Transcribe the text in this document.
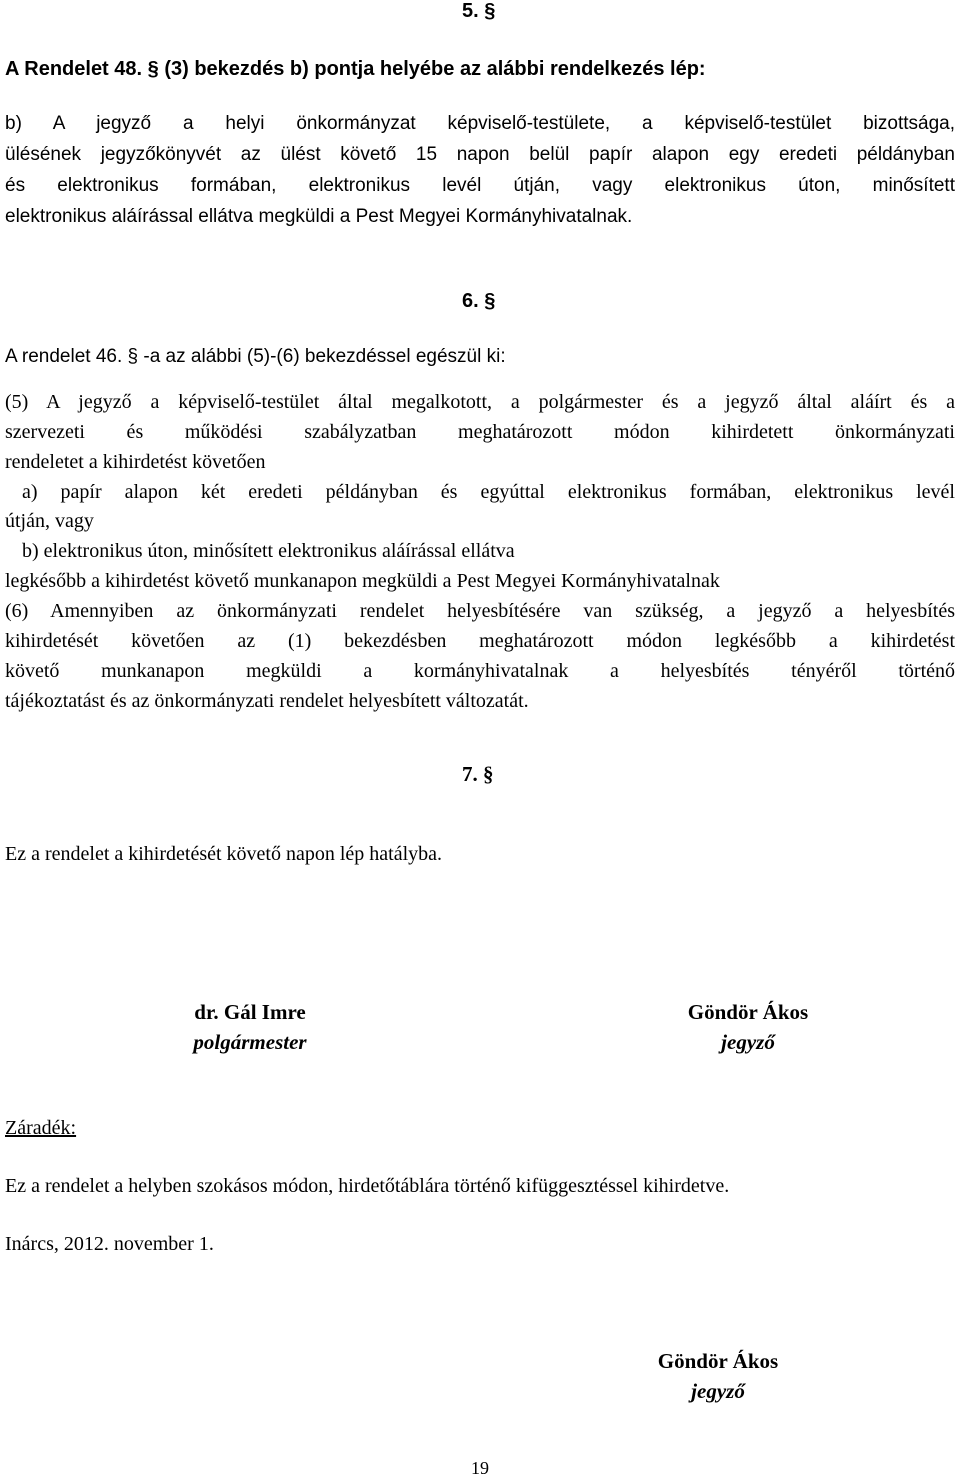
5. §
A Rendelet 48. § (3) bekezdés b) pontja helyébe az alábbi rendelkezés lép:
b) A jegyző a helyi önkormányzat képviselő-testülete, a képviselő-testület bizottsága,
ülésének jegyzőkönyvét az ülést követő 15 napon belül papír alapon egy eredeti példányban
és elektronikus formában, elektronikus levél útján, vagy elektronikus úton, minősített
elektronikus aláírással ellátva megküldi a Pest Megyei Kormányhivatalnak.
6. §
A rendelet 46. § -a az alábbi (5)-(6) bekezdéssel egészül ki:
(5) A jegyző a képviselő-testület által megalkotott, a polgármester és a jegyző által aláírt és a
szervezeti és működési szabályzatban meghatározott módon kihirdetett önkormányzati
rendeletet a kihirdetést követően
a) papír alapon két eredeti példányban és egyúttal elektronikus formában, elektronikus levél
útján, vagy
b) elektronikus úton, minősített elektronikus aláírással ellátva
legkésőbb a kihirdetést követő munkanapon megküldi a Pest Megyei Kormányhivatalnak
(6) Amennyiben az önkormányzati rendelet helyesbítésére van szükség, a jegyző a helyesbítés
kihirdetését követően az (1) bekezdésben meghatározott módon legkésőbb a kihirdetést
követő munkanapon megküldi a kormányhivatalnak a helyesbítés tényéről történő
tájékoztatást és az önkormányzati rendelet helyesbített változatát.
7. §
Ez a rendelet a kihirdetését követő napon lép hatályba.
dr. Gál Imre
polgármester
Göndör Ákos
jegyző
Záradék:
Ez a rendelet a helyben szokásos módon, hirdetőtáblára történő kifüggesztéssel kihirdetve.
Inárcs, 2012. november 1.
Göndör Ákos
jegyző
19
